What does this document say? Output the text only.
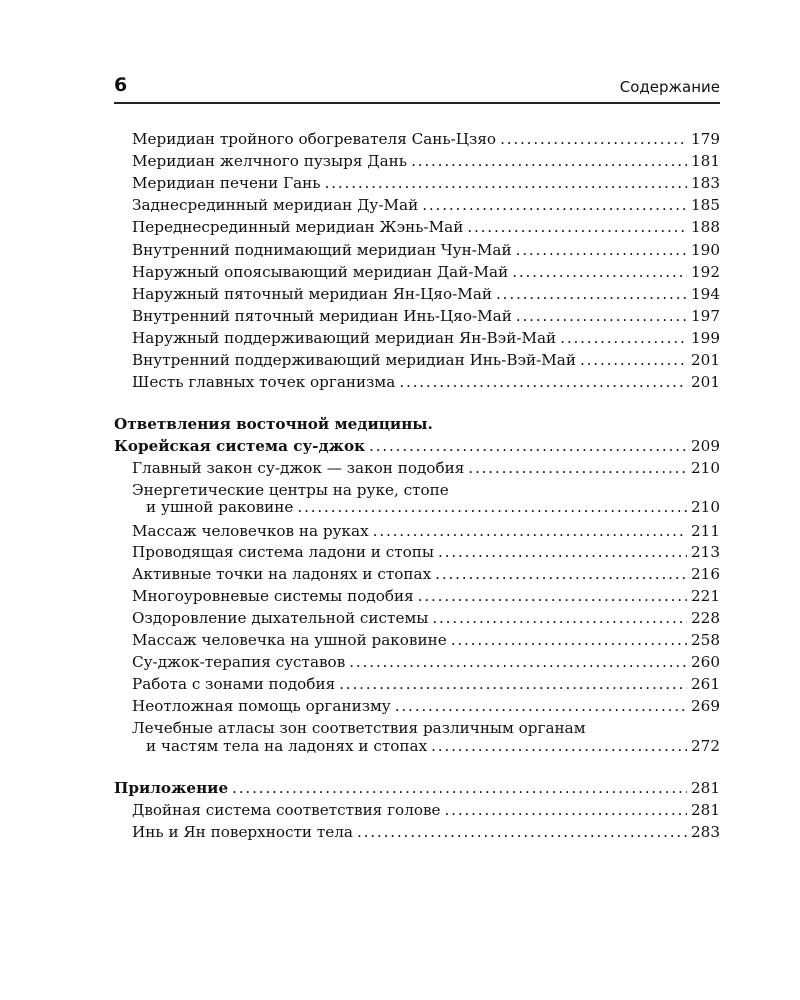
6	Содержание
Меридиан тройного обогревателя Сань-Цзяо . . .	179
Меридиан желчного пузыря Дань . . .	181
Меридиан печени Гань . . .	183
Заднесрединный меридиан Ду-Май . . .	185
Переднесрединный меридиан Жэнь-Май . . .	188
Внутренний поднимающий меридиан Чун-Май . . .	190
Наружный опоясывающий меридиан Дай-Май . . .	192
Наружный пяточный меридиан Ян-Цяо-Май . . .	194
Внутренний пяточный меридиан Инь-Цяо-Май . . .	197
Наружный поддерживающий меридиан Ян-Вэй-Май . . .	199
Внутренний поддерживающий меридиан Инь-Вэй-Май . . .	201
Шесть главных точек организма . . .	201
Ответвления восточной медицины.
Корейская система су-джок . . .	209
Главный закон су-джок — закон подобия . . .	210
Энергетические центры на руке, стопе
и ушной раковине . . .	210
Массаж человечков на руках . . .	211
Проводящая система ладони и стопы . . .	213
Активные точки на ладонях и стопах . . .	216
Многоуровневые системы подобия . . .	221
Оздоровление дыхательной системы . . .	228
Массаж человечка на ушной раковине . . .	258
Су-джок-терапия суставов . . .	260
Работа с зонами подобия . . .	261
Неотложная помощь организму . . .	269
Лечебные атласы зон соответствия различным органам
и частям тела на ладонях и стопах . . .	272
Приложение . . .	281
Двойная система соответствия голове . . .	281
Инь и Ян поверхности тела . . .	283
